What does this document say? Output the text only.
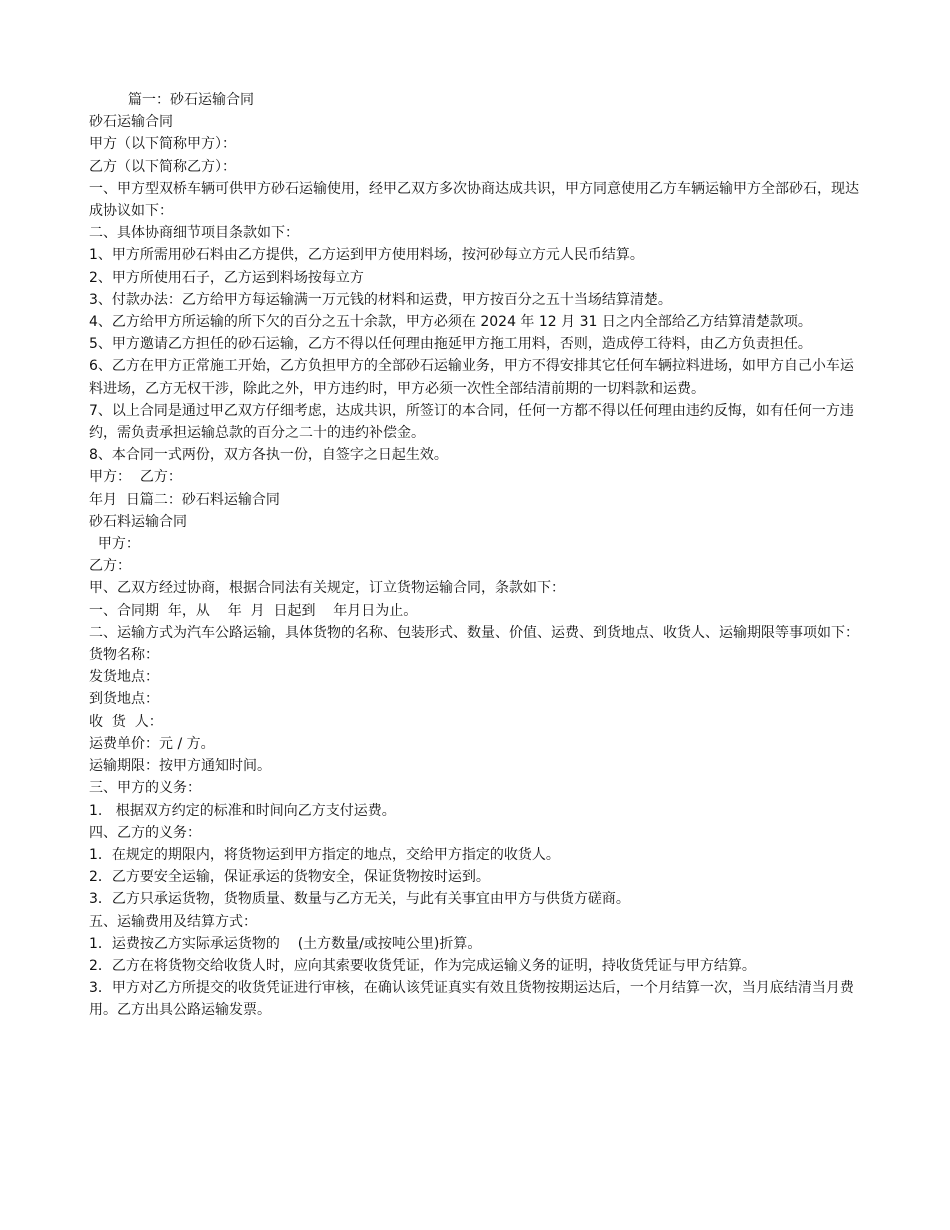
篇一：砂石运输合同
砂石运输合同
甲方（以下简称甲方）：
乙方（以下简称乙方）：
一、甲方型双桥车辆可供甲方砂石运输使用，经甲乙双方多次协商达成共识，甲方同意使用乙方车辆运输甲方全部砂石，现达成协议如下：
二、具体协商细节项目条款如下：
1、甲方所需用砂石料由乙方提供，乙方运到甲方使用料场，按河砂每立方元人民币结算。
2、甲方所使用石子，乙方运到料场按每立方
3、付款办法：乙方给甲方每运输满一万元钱的材料和运费，甲方按百分之五十当场结算清楚。
4、乙方给甲方所运输的所下欠的百分之五十余款，甲方必须在 2024 年 12 月 31 日之内全部给乙方结算清楚款项。
5、甲方邀请乙方担任的砂石运输，乙方不得以任何理由拖延甲方拖工用料，否则，造成停工待料，由乙方负责担任。
6、乙方在甲方正常施工开始，乙方负担甲方的全部砂石运输业务，甲方不得安排其它任何车辆拉料进场，如甲方自己小车运料进场，乙方无权干涉，除此之外，甲方违约时，甲方必须一次性全部结清前期的一切料款和运费。
7、以上合同是通过甲乙双方仔细考虑，达成共识，所签订的本合同，任何一方都不得以任何理由违约反悔，如有任何一方违约，需负责承担运输总款的百分之二十的违约补偿金。
8、本合同一式两份，双方各执一份，自签字之日起生效。
甲方：  乙方：
年月  日篇二：砂石料运输合同
砂石料运输合同
甲方：
乙方：
甲、乙双方经过协商，根据合同法有关规定，订立货物运输合同，条款如下：
一、合同期  年，从    年  月  日起到    年月日为止。
二、运输方式为汽车公路运输，具体货物的名称、包装形式、数量、价值、运费、到货地点、收货人、运输期限等事项如下：
货物名称：
发货地点：
到货地点：
收  货  人：
运费单价：元 / 方。
运输期限：按甲方通知时间。
三、甲方的义务：
1.   根据双方约定的标准和时间向乙方支付运费。
四、乙方的义务：
1．在规定的期限内，将货物运到甲方指定的地点，交给甲方指定的收货人。
2．乙方要安全运输，保证承运的货物安全，保证货物按时运到。
3．乙方只承运货物，货物质量、数量与乙方无关，与此有关事宜由甲方与供货方磋商。
五、运输费用及结算方式：
1．运费按乙方实际承运货物的    (土方数量/或按吨公里)折算。
2．乙方在将货物交给收货人时，应向其索要收货凭证，作为完成运输义务的证明，持收货凭证与甲方结算。
3．甲方对乙方所提交的收货凭证进行审核，在确认该凭证真实有效且货物按期运达后，一个月结算一次，当月底结清当月费用。乙方出具公路运输发票。
